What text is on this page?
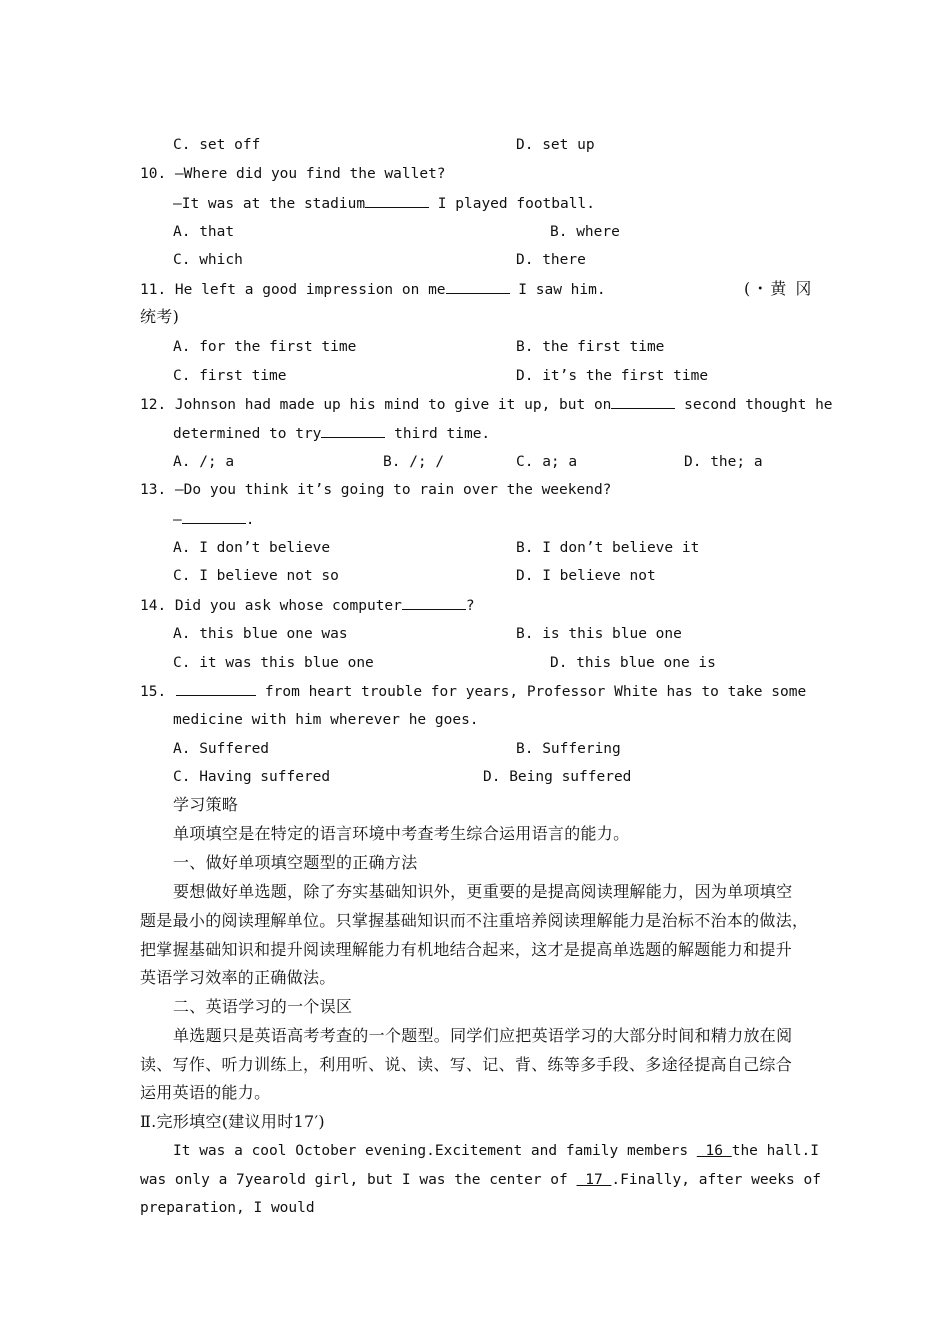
C. set off	D. set up
10. —Where did you find the wallet?
—It was at the stadium	I played football.
A. that	B. where
C. which	D. there
11. He left a good impression on me	I saw him.	(・黄 冈
统考)
A. for the first time	B. the first time
C. first time	D. it’s the first time
12. Johnson had made up his mind to give it up, but on	second thought he
determined to try	third time.
A. /; a	B. /; /	C. a; a	D. the; a
13. —Do you think it’s going to rain over the weekend?
—	.
A. I don’t believe	B. I don’t believe it
C. I believe not so	D. I believe not
14. Did you ask whose computer	?
A. this blue one was	B. is this blue one
C. it was this blue one	D. this blue one is
15.	from heart trouble for years, Professor White has to take some
medicine with him wherever he goes.
A. Suffered	B. Suffering
C. Having suffered	D. Being suffered
学习策略
单项填空是在特定的语言环境中考查考生综合运用语言的能力。
一、做好单项填空题型的正确方法
要想做好单选题，除了夯实基础知识外，更重要的是提高阅读理解能力，因为单项填空
题是最小的阅读理解单位。只掌握基础知识而不注重培养阅读理解能力是治标不治本的做法，
把掌握基础知识和提升阅读理解能力有机地结合起来，这才是提高单选题的解题能力和提升
英语学习效率的正确做法。
二、英语学习的一个误区
单选题只是英语高考考查的一个题型。同学们应把英语学习的大部分时间和精力放在阅
读、写作、听力训练上，利用听、说、读、写、记、背、练等多手段、多途径提高自己综合
运用英语的能力。
Ⅱ.完形填空(建议用时17′)
It was a cool October evening.Excitement and family members  16 the hall.I
was only a 7yearold girl, but I was the center of  17 .Finally, after weeks of
preparation, I would
